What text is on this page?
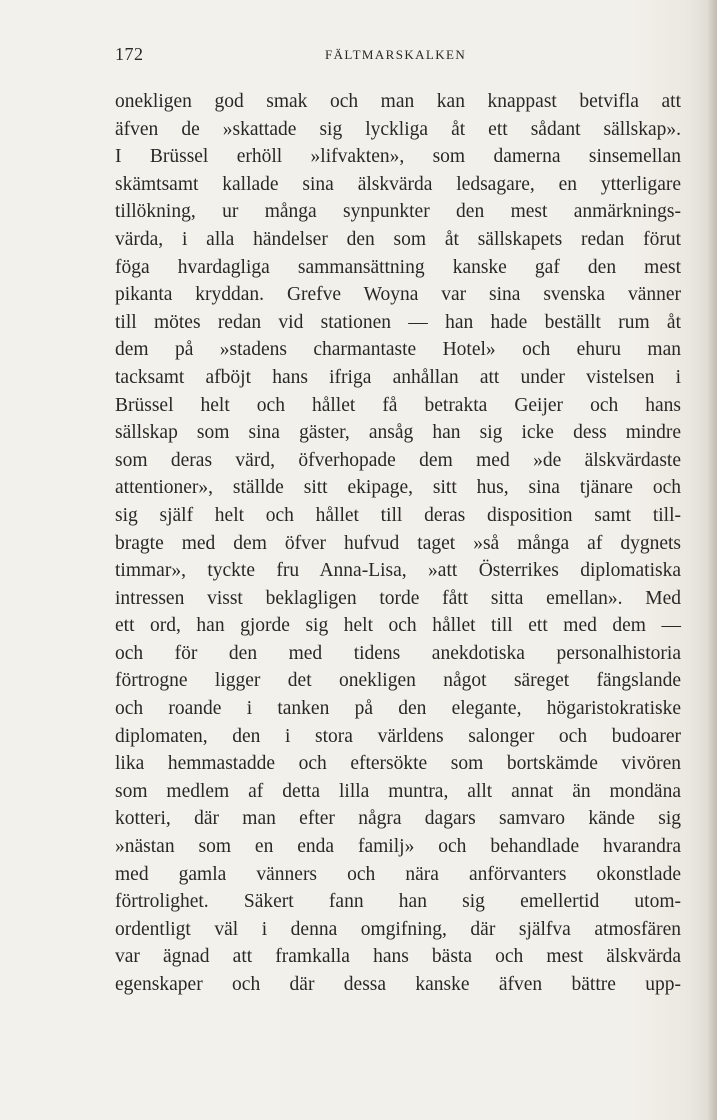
172	FÄLTMARSKALKEN
onekligen god smak och man kan knappast betvifla att
äfven de »skattade sig lyckliga åt ett sådant sällskap».
I Brüssel erhöll »lifvakten», som damerna sinsemellan
skämtsamt kallade sina älskvärda ledsagare, en ytterligare
tillökning, ur många synpunkter den mest anmärknings-
värda, i alla händelser den som åt sällskapets redan förut
föga hvardagliga sammansättning kanske gaf den mest
pikanta kryddan. Grefve Woyna var sina svenska vänner
till mötes redan vid stationen — han hade beställt rum åt
dem på »stadens charmantaste Hotel» och ehuru man
tacksamt afböjt hans ifriga anhållan att under vistelsen i
Brüssel helt och hållet få betrakta Geijer och hans
sällskap som sina gäster, ansåg han sig icke dess mindre
som deras värd, öfverhopade dem med »de älskvärdaste
attentioner», ställde sitt ekipage, sitt hus, sina tjänare och
sig själf helt och hållet till deras disposition samt till-
bragte med dem öfver hufvud taget »så många af dygnets
timmar», tyckte fru Anna-Lisa, »att Österrikes diplomatiska
intressen visst beklagligen torde fått sitta emellan». Med
ett ord, han gjorde sig helt och hållet till ett med dem —
och för den med tidens anekdotiska personalhistoria
förtrogne ligger det onekligen något säreget fängslande
och roande i tanken på den elegante, högaristokratiske
diplomaten, den i stora världens salonger och budoarer
lika hemmastadde och eftersökte som bortskämde vivören
som medlem af detta lilla muntra, allt annat än mondäna
kotteri, där man efter några dagars samvaro kände sig
»nästan som en enda familj» och behandlade hvarandra
med gamla vänners och nära anförvanters okonstlade
förtrolighet. Säkert fann han sig emellertid utom-
ordentligt väl i denna omgifning, där själfva atmosfären
var ägnad att framkalla hans bästa och mest älskvärda
egenskaper och där dessa kanske äfven bättre upp-
